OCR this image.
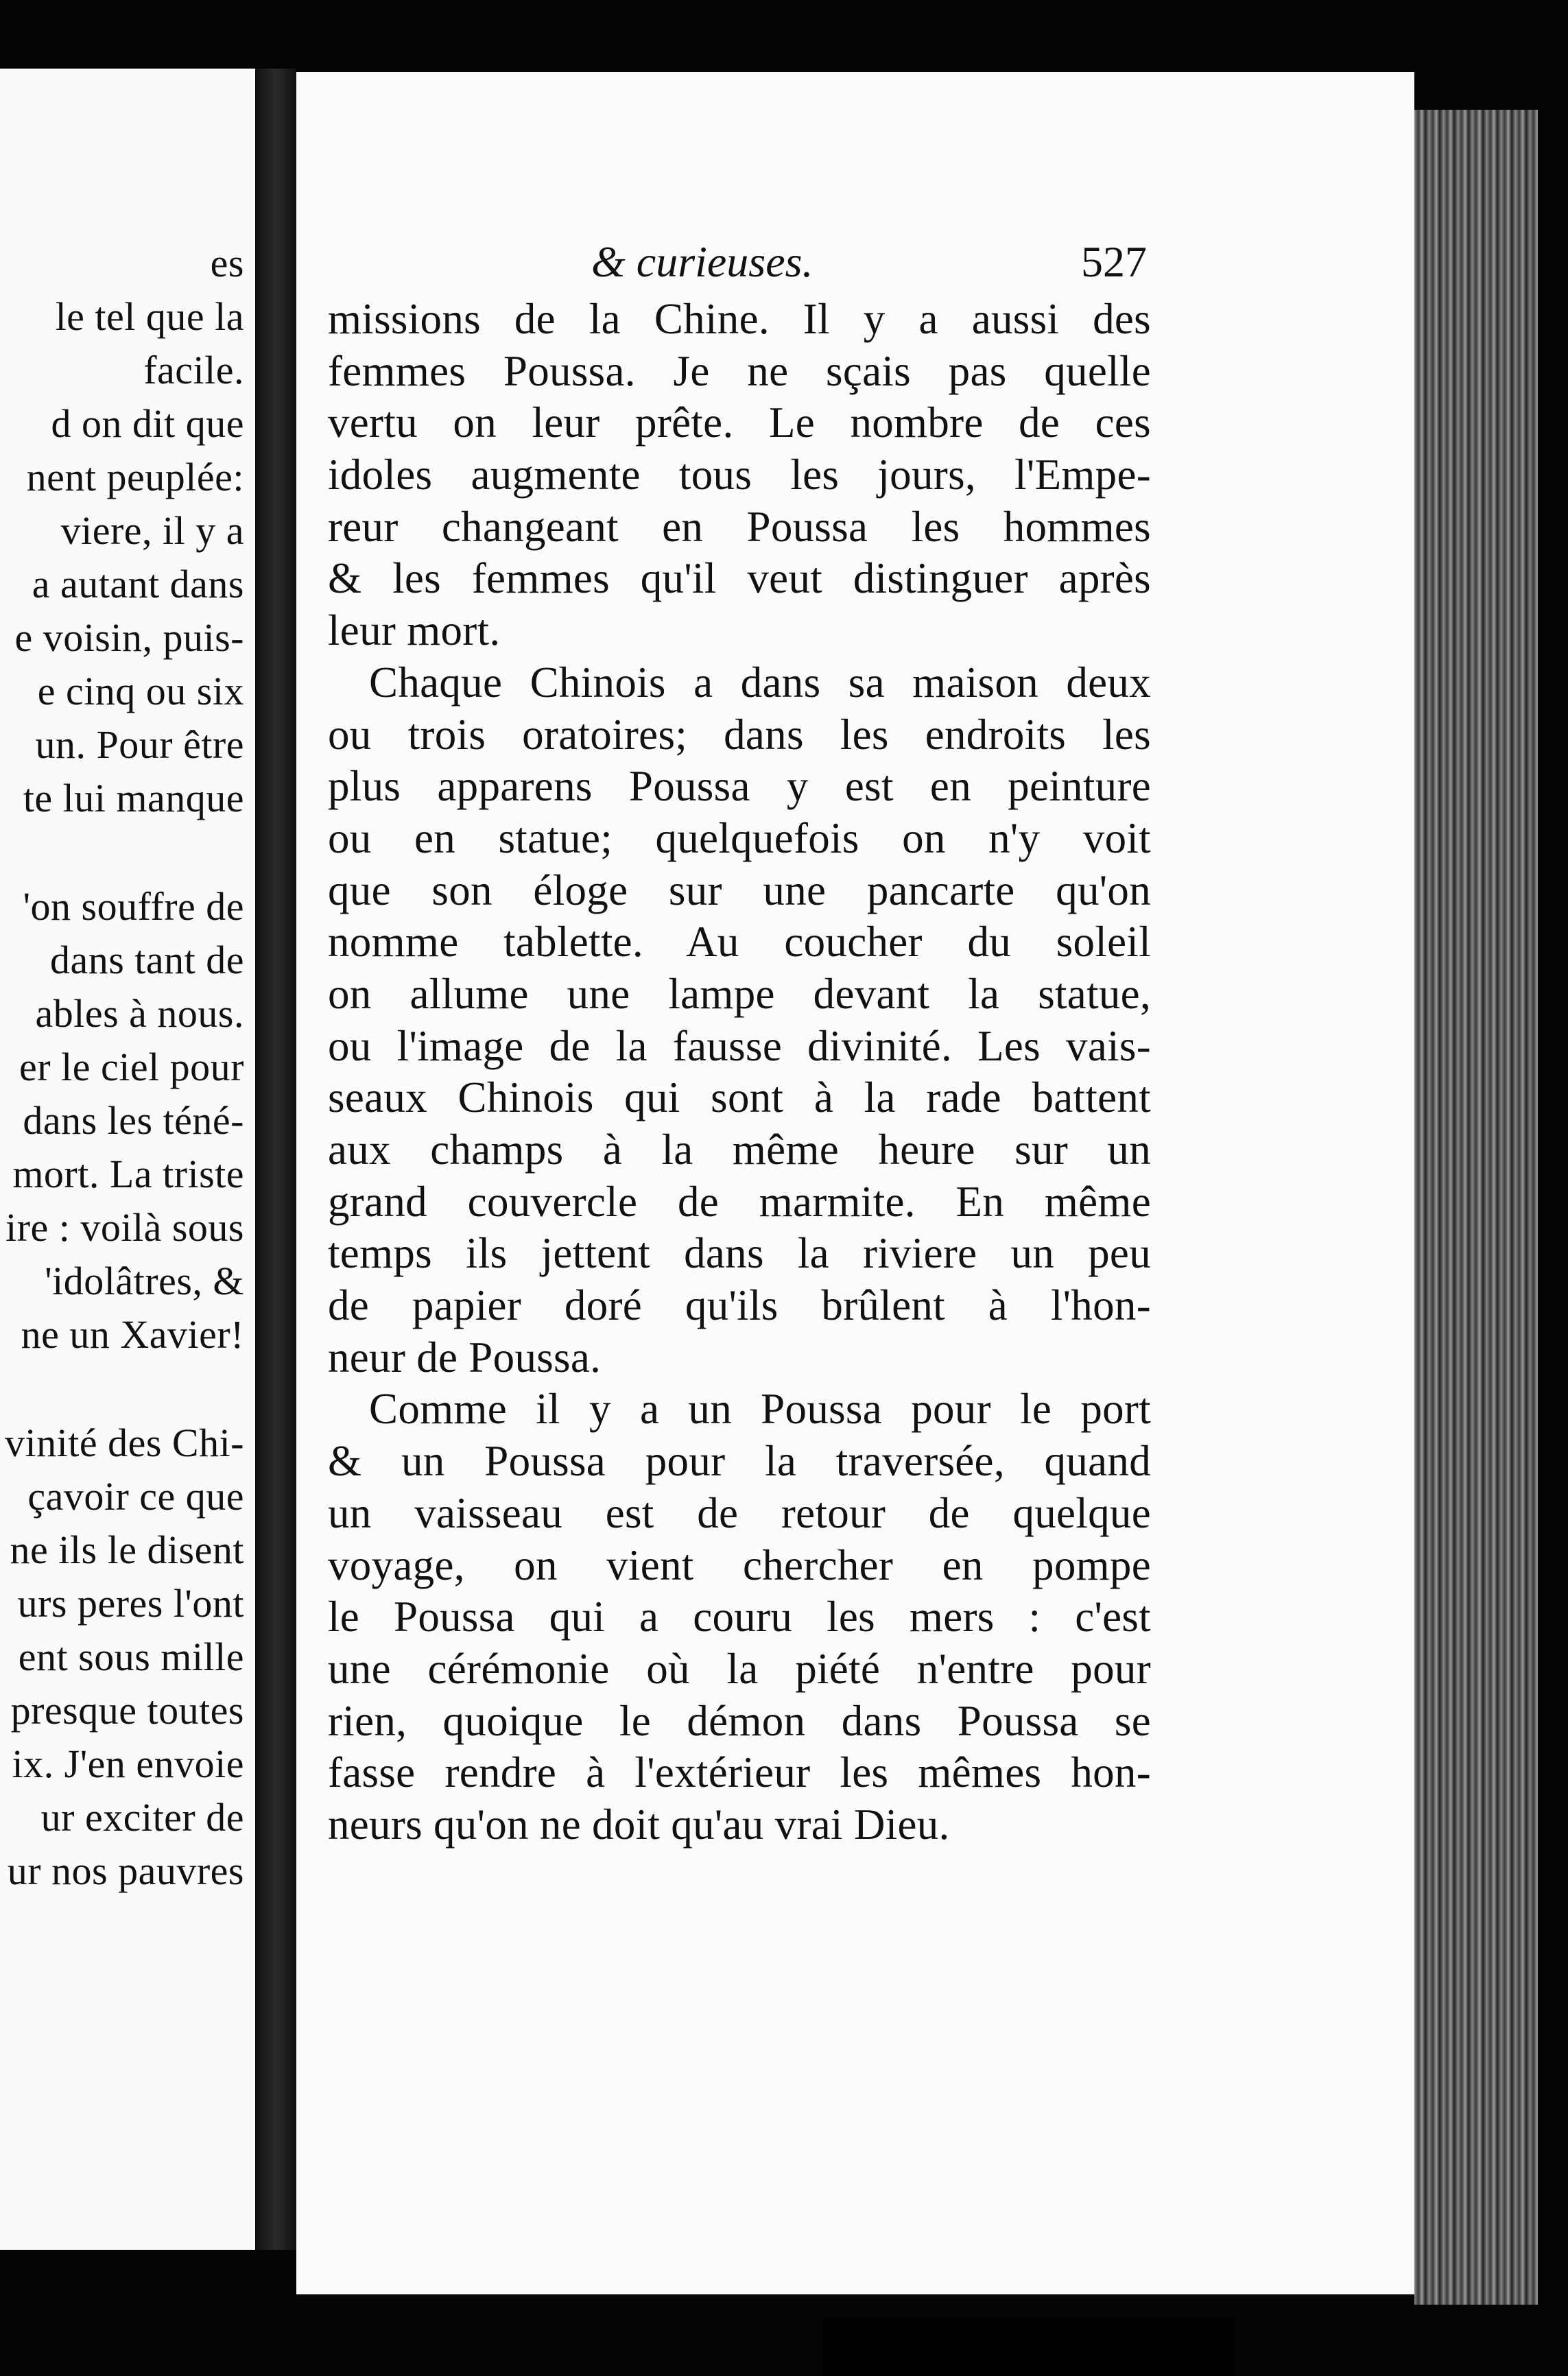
es
le tel que la
facile.
d on dit que
nent peuplée:
viere, il y a
a autant dans
e voisin, puis-
e cinq ou six
un. Pour être
te lui manque
'on souffre de
dans tant de
ables à nous.
er le ciel pour
dans les téné-
mort. La triste
ire : voilà sous
'idolâtres, &
ne un Xavier!
vinité des Chi-
çavoir ce que
ne ils le disent
urs peres l'ont
ent sous mille
presque toutes
ix. J'en envoie
ur exciter de
ur nos pauvres
& curieuses.	527
missions de la Chine. Il y a aussi des
femmes Poussa. Je ne sçais pas quelle
vertu on leur prête. Le nombre de ces
idoles augmente tous les jours, l'Empe-
reur changeant en Poussa les hommes
& les femmes qu'il veut distinguer après
leur mort.
Chaque Chinois a dans sa maison deux
ou trois oratoires; dans les endroits les
plus apparens Poussa y est en peinture
ou en statue; quelquefois on n'y voit
que son éloge sur une pancarte qu'on
nomme tablette. Au coucher du soleil
on allume une lampe devant la statue,
ou l'image de la fausse divinité. Les vais-
seaux Chinois qui sont à la rade battent
aux champs à la même heure sur un
grand couvercle de marmite. En même
temps ils jettent dans la riviere un peu
de papier doré qu'ils brûlent à l'hon-
neur de Poussa.
Comme il y a un Poussa pour le port
& un Poussa pour la traversée, quand
un vaisseau est de retour de quelque
voyage, on vient chercher en pompe
le Poussa qui a couru les mers : c'est
une cérémonie où la piété n'entre pour
rien, quoique le démon dans Poussa se
fasse rendre à l'extérieur les mêmes hon-
neurs qu'on ne doit qu'au vrai Dieu.
